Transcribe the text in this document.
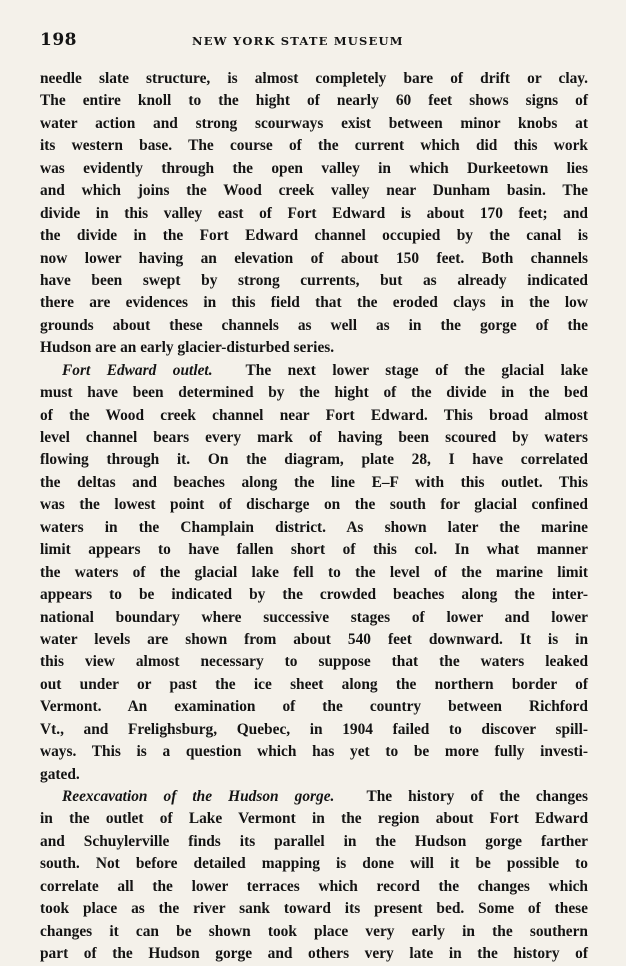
198	NEW YORK STATE MUSEUM
needle slate structure, is almost completely bare of drift or clay.
The entire knoll to the hight of nearly 60 feet shows signs of
water action and strong scourways exist between minor knobs at
its western base. The course of the current which did this work
was evidently through the open valley in which Durkeetown lies
and which joins the Wood creek valley near Dunham basin. The
divide in this valley east of Fort Edward is about 170 feet; and
the divide in the Fort Edward channel occupied by the canal is
now lower having an elevation of about 150 feet. Both channels
have been swept by strong currents, but as already indicated
there are evidences in this field that the eroded clays in the low
grounds about these channels as well as in the gorge of the
Hudson are an early glacier-disturbed series.
Fort Edward outlet. The next lower stage of the glacial lake
must have been determined by the hight of the divide in the bed
of the Wood creek channel near Fort Edward. This broad almost
level channel bears every mark of having been scoured by waters
flowing through it. On the diagram, plate 28, I have correlated
the deltas and beaches along the line E–F with this outlet. This
was the lowest point of discharge on the south for glacial confined
waters in the Champlain district. As shown later the marine
limit appears to have fallen short of this col. In what manner
the waters of the glacial lake fell to the level of the marine limit
appears to be indicated by the crowded beaches along the inter-
national boundary where successive stages of lower and lower
water levels are shown from about 540 feet downward. It is in
this view almost necessary to suppose that the waters leaked
out under or past the ice sheet along the northern border of
Vermont. An examination of the country between Richford
Vt., and Frelighsburg, Quebec, in 1904 failed to discover spill-
ways. This is a question which has yet to be more fully investi-
gated.
Reexcavation of the Hudson gorge. The history of the changes
in the outlet of Lake Vermont in the region about Fort Edward
and Schuylerville finds its parallel in the Hudson gorge farther
south. Not before detailed mapping is done will it be possible to
correlate all the lower terraces which record the changes which
took place as the river sank toward its present bed. Some of these
changes it can be shown took place very early in the southern
part of the Hudson gorge and others very late in the history of
